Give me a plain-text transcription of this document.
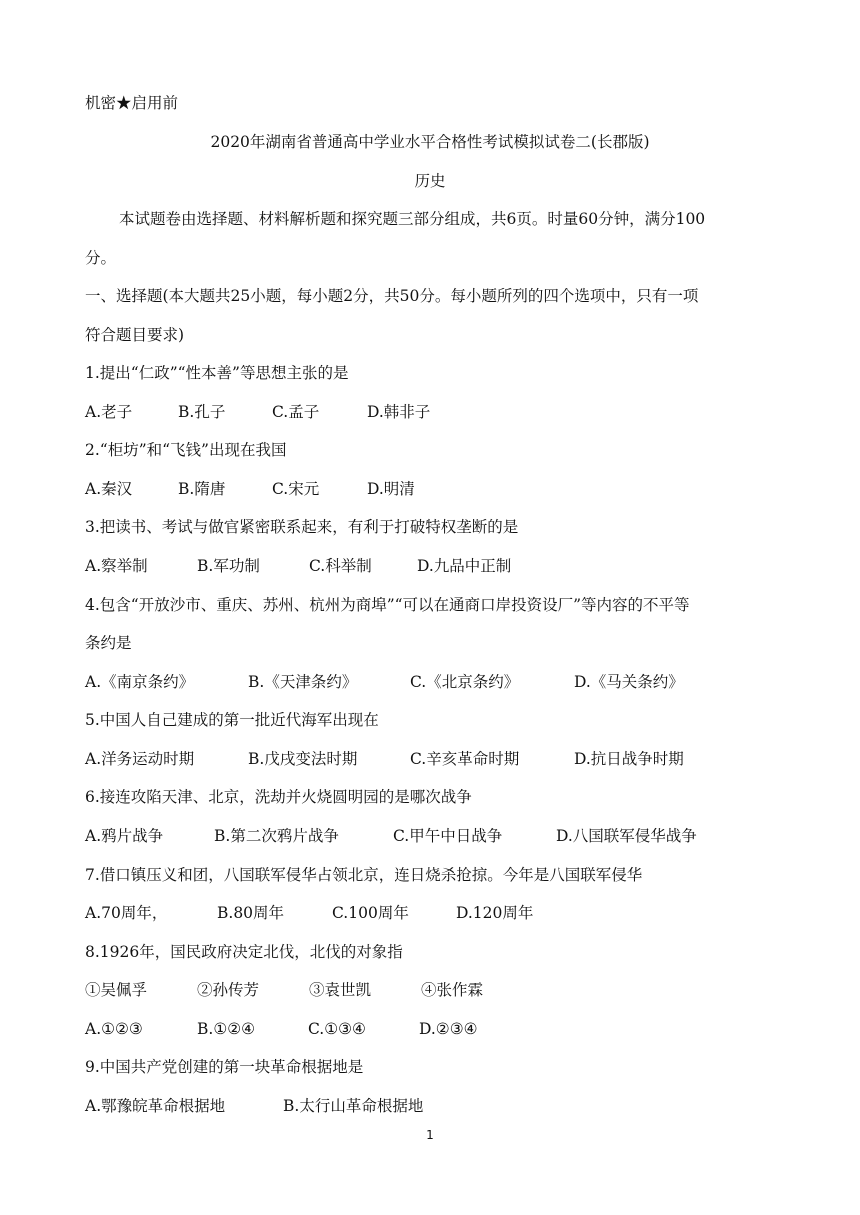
机密★启用前
2020年湖南省普通高中学业水平合格性考试模拟试卷二(长郡版)
历史
本试题卷由选择题、材料解析题和探究题三部分组成，共6页。时量60分钟，满分100
分。
一、选择题(本大题共25小题，每小题2分，共50分。每小题所列的四个选项中，只有一项
符合题目要求)
1.提出“仁政”“性本善”等思想主张的是
A.老子	B.孔子	C.孟子	D.韩非子
2.“柜坊”和“飞钱”出现在我国
A.秦汉	B.隋唐	C.宋元	D.明清
3.把读书、考试与做官紧密联系起来，有利于打破特权垄断的是
A.察举制	B.军功制	C.科举制	D.九品中正制
4.包含“开放沙市、重庆、苏州、杭州为商埠”“可以在通商口岸投资设厂”等内容的不平等
条约是
A.《南京条约》	B.《天津条约》	C.《北京条约》	D.《马关条约》
5.中国人自己建成的第一批近代海军出现在
A.洋务运动时期	B.戊戌变法时期	C.辛亥革命时期	D.抗日战争时期
6.接连攻陷天津、北京，洗劫并火烧圆明园的是哪次战争
A.鸦片战争	B.第二次鸦片战争	C.甲午中日战争	D.八国联军侵华战争
7.借口镇压义和团，八国联军侵华占领北京，连日烧杀抢掠。今年是八国联军侵华
A.70周年，	B.80周年	C.100周年	D.120周年
8.1926年，国民政府决定北伐，北伐的对象指
①吴佩孚	②孙传芳	③袁世凯	④张作霖
A.①②③	B.①②④	C.①③④	D.②③④
9.中国共产党创建的第一块革命根据地是
A.鄂豫皖革命根据地	B.太行山革命根据地
1
